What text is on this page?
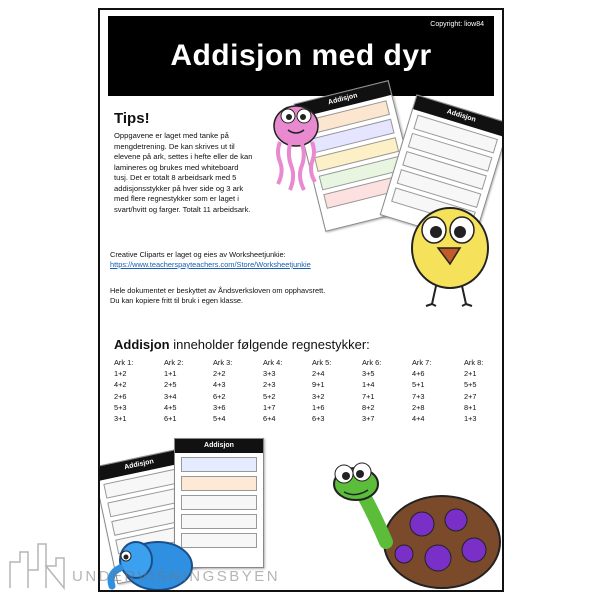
Copyright: liow84
Addisjon med dyr
Tips!
Oppgavene er laget med tanke på
mengdetrening. De kan skrives ut til
elevene på ark, settes i hefte eller de kan
lamineres og brukes med whiteboard
tusj. Det er totalt 8 arbeidsark med 5
addisjonsstykker på hver side og 3 ark
med flere regnestykker som er laget i
svart/hvitt og farger. Totalt 11 arbeidsark.
Addisjon
Addisjon
Creative Cliparts er laget og eies av Worksheetjunkie:
https://www.teacherspayteachers.com/Store/Worksheetjunkie
Hele dokumentet er beskyttet av Åndsverksloven om opphavsrett.
Du kan kopiere fritt til bruk i egen klasse.
Addisjon inneholder følgende regnestykker:
Ark 1:
1+2
4+2
2+6
5+3
3+1
Ark 2:
1+1
2+5
3+4
4+5
6+1
Ark 3:
2+2
4+3
6+2
3+6
5+4
Ark 4:
3+3
2+3
5+2
1+7
6+4
Ark 5:
2+4
9+1
3+2
1+6
6+3
Ark 6:
3+5
1+4
7+1
8+2
3+7
Ark 7:
4+6
5+1
7+3
2+8
4+4
Ark 8:
2+1
5+5
2+7
8+1
1+3
Addisjon
Addisjon
UNDERVISNINGSBYEN
